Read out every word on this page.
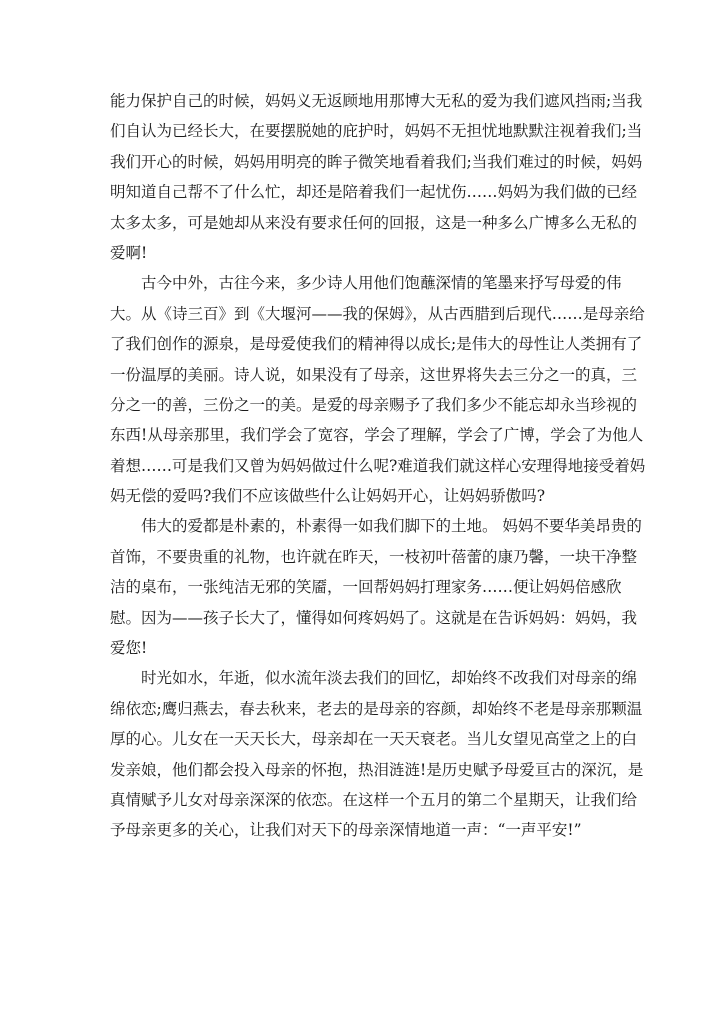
能力保护自己的时候，妈妈义无返顾地用那博大无私的爱为我们遮风挡雨;当我
们自认为已经长大，在要摆脱她的庇护时，妈妈不无担忧地默默注视着我们;当
我们开心的时候，妈妈用明亮的眸子微笑地看着我们;当我们难过的时候，妈妈
明知道自己帮不了什么忙，却还是陪着我们一起忧伤……妈妈为我们做的已经
太多太多，可是她却从来没有要求任何的回报，这是一种多么广博多么无私的
爱啊!
古今中外，古往今来，多少诗人用他们饱蘸深情的笔墨来抒写母爱的伟
大。从《诗三百》到《大堰河——我的保姆》，从古西腊到后现代……是母亲给
了我们创作的源泉，是母爱使我们的精神得以成长;是伟大的母性让人类拥有了
一份温厚的美丽。诗人说，如果没有了母亲，这世界将失去三分之一的真，三
分之一的善，三份之一的美。是爱的母亲赐予了我们多少不能忘却永当珍视的
东西!从母亲那里，我们学会了宽容，学会了理解，学会了广博，学会了为他人
着想……可是我们又曾为妈妈做过什么呢?难道我们就这样心安理得地接受着妈
妈无偿的爱吗?我们不应该做些什么让妈妈开心，让妈妈骄傲吗?
伟大的爱都是朴素的，朴素得一如我们脚下的土地。 妈妈不要华美昂贵的
首饰，不要贵重的礼物，也许就在昨天，一枝初叶蓓蕾的康乃馨，一块干净整
洁的桌布，一张纯洁无邪的笑靥，一回帮妈妈打理家务……便让妈妈倍感欣
慰。因为——孩子长大了，懂得如何疼妈妈了。这就是在告诉妈妈：妈妈，我
爱您!
时光如水，年逝，似水流年淡去我们的回忆，却始终不改我们对母亲的绵
绵依恋;鹰归燕去，春去秋来，老去的是母亲的容颜，却始终不老是母亲那颗温
厚的心。儿女在一天天长大，母亲却在一天天衰老。当儿女望见高堂之上的白
发亲娘，他们都会投入母亲的怀抱，热泪涟涟!是历史赋予母爱亘古的深沉，是
真情赋予儿女对母亲深深的依恋。在这样一个五月的第二个星期天，让我们给
予母亲更多的关心，让我们对天下的母亲深情地道一声：“一声平安!”
